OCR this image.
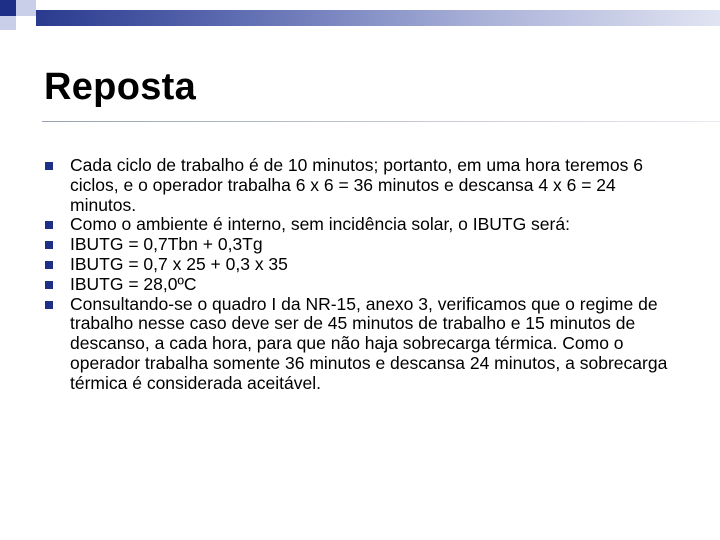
Reposta
Cada ciclo de trabalho é de 10 minutos; portanto, em uma hora teremos 6 ciclos, e o operador trabalha 6 x 6 = 36 minutos e descansa 4 x 6 = 24 minutos.
Como o ambiente é interno, sem incidência solar, o IBUTG será:
IBUTG = 0,7Tbn + 0,3Tg
IBUTG = 0,7 x 25 + 0,3 x 35
IBUTG = 28,0ºC
Consultando-se o quadro I da NR-15, anexo 3, verificamos que o regime de trabalho nesse caso deve ser de 45 minutos de trabalho e 15 minutos de descanso, a cada hora, para que não haja sobrecarga térmica. Como o operador trabalha somente 36 minutos e descansa 24 minutos, a sobrecarga térmica é considerada aceitável.
